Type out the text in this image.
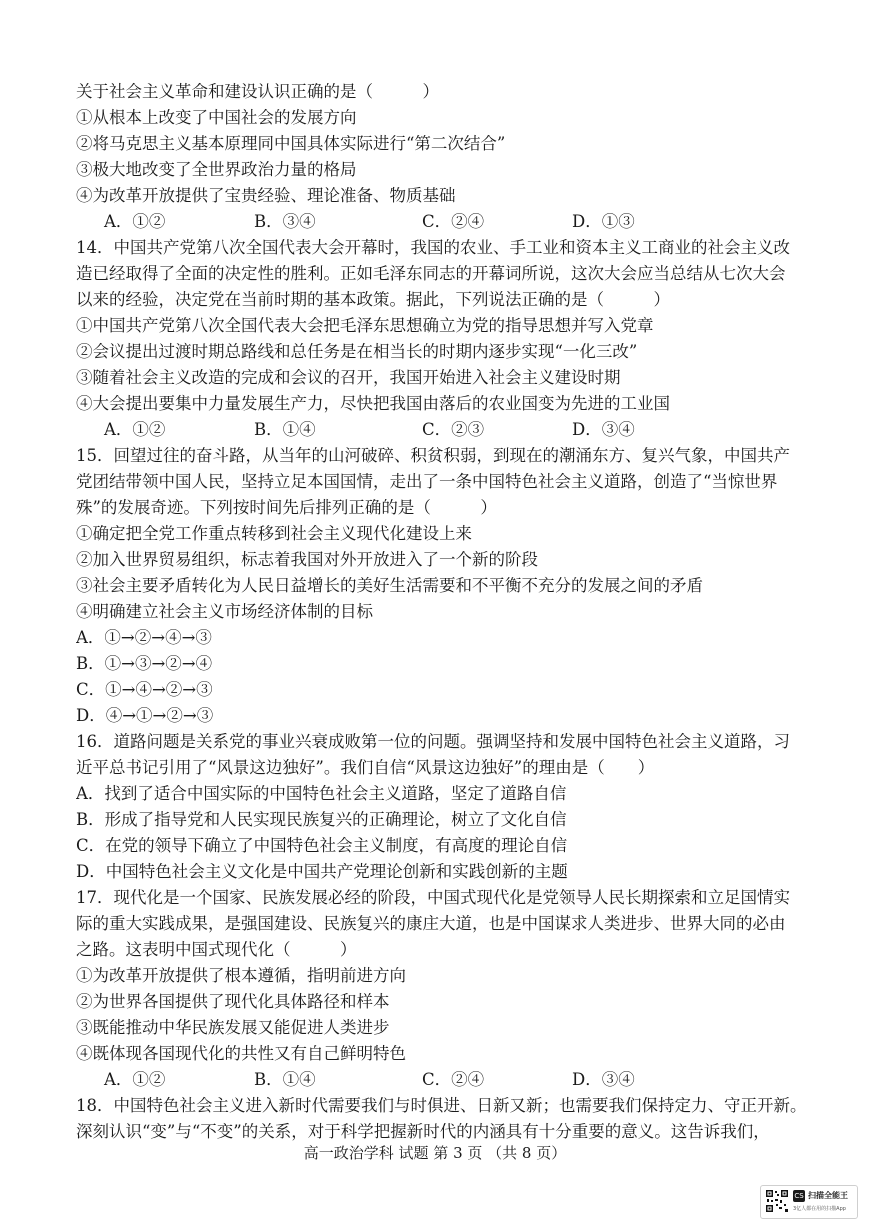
关于社会主义革命和建设认识正确的是（　　　）
①从根本上改变了中国社会的发展方向
②将马克思主义基本原理同中国具体实际进行“第二次结合”
③极大地改变了全世界政治力量的格局
④为改革开放提供了宝贵经验、理论准备、物质基础
A．①②	B．③④	C．②④	D．①③
14．中国共产党第八次全国代表大会开幕时，我国的农业、手工业和资本主义工商业的社会主义改
造已经取得了全面的决定性的胜利。正如毛泽东同志的开幕词所说，这次大会应当总结从七次大会
以来的经验，决定党在当前时期的基本政策。据此，下列说法正确的是（　　　）
①中国共产党第八次全国代表大会把毛泽东思想确立为党的指导思想并写入党章
②会议提出过渡时期总路线和总任务是在相当长的时期内逐步实现“一化三改”
③随着社会主义改造的完成和会议的召开，我国开始进入社会主义建设时期
④大会提出要集中力量发展生产力，尽快把我国由落后的农业国变为先进的工业国
A．①②	B．①④	C．②③	D．③④
15．回望过往的奋斗路，从当年的山河破碎、积贫积弱，到现在的潮涌东方、复兴气象，中国共产
党团结带领中国人民，坚持立足本国国情，走出了一条中国特色社会主义道路，创造了“当惊世界
殊”的发展奇迹。下列按时间先后排列正确的是（　　　）
①确定把全党工作重点转移到社会主义现代化建设上来
②加入世界贸易组织，标志着我国对外开放进入了一个新的阶段
③社会主要矛盾转化为人民日益增长的美好生活需要和不平衡不充分的发展之间的矛盾
④明确建立社会主义市场经济体制的目标
A．①→②→④→③
B．①→③→②→④
C．①→④→②→③
D．④→①→②→③
16．道路问题是关系党的事业兴衰成败第一位的问题。强调坚持和发展中国特色社会主义道路，习
近平总书记引用了“风景这边独好”。我们自信“风景这边独好”的理由是（　　）
A．找到了适合中国实际的中国特色社会主义道路，坚定了道路自信
B．形成了指导党和人民实现民族复兴的正确理论，树立了文化自信
C．在党的领导下确立了中国特色社会主义制度，有高度的理论自信
D．中国特色社会主义文化是中国共产党理论创新和实践创新的主题
17．现代化是一个国家、民族发展必经的阶段，中国式现代化是党领导人民长期探索和立足国情实
际的重大实践成果，是强国建设、民族复兴的康庄大道，也是中国谋求人类进步、世界大同的必由
之路。这表明中国式现代化（　　　）
①为改革开放提供了根本遵循，指明前进方向
②为世界各国提供了现代化具体路径和样本
③既能推动中华民族发展又能促进人类进步
④既体现各国现代化的共性又有自己鲜明特色
A．①②	B．①④	C．②④	D．③④
18．中国特色社会主义进入新时代需要我们与时俱进、日新又新；也需要我们保持定力、守正开新。
深刻认识“变”与“不变”的关系，对于科学把握新时代的内涵具有十分重要的意义。这告诉我们，
高一政治学科 试题 第 3 页 （共 8 页）
CS 扫描全能王
3亿人都在用的扫描App
